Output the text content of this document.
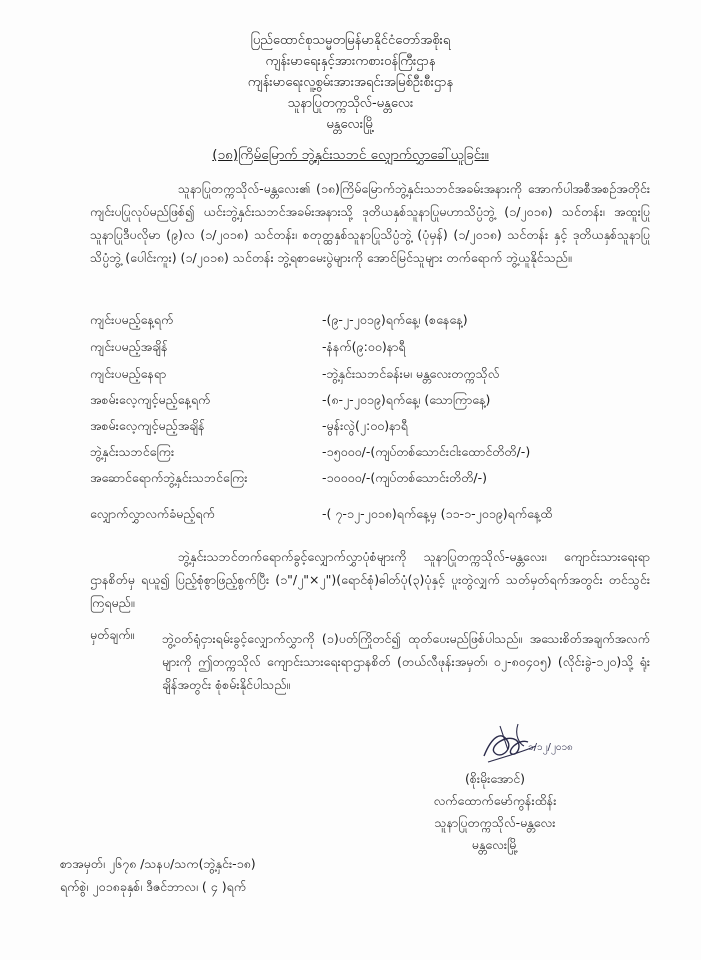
ပြည်ထောင်စုသမ္မတမြန်မာနိုင်ငံတော်အစိုးရ
ကျန်းမာရေးနှင့်အားကစားဝန်ကြီးဌာန
ကျန်းမာရေးလူ့စွမ်းအားအရင်းအမြစ်ဦးစီးဌာန
သူနာပြုတက္ကသိုလ်-မန္တလေး
မန္တလေးမြို့
(၁၈)ကြိမ်မြောက် ဘွဲ့နှင်းသဘင် လျှောက်လွှာခေါ်ယူခြင်း။
သူနာပြုတက္ကသိုလ်-မန္တလေး၏ (၁၈)ကြိမ်မြောက်ဘွဲ့နှင်းသဘင်အခမ်းအနားကို အောက်ပါအစီအစဉ်အတိုင်း ကျင်းပပြုလုပ်မည်ဖြစ်၍ ယင်းဘွဲ့နှင်းသဘင်အခမ်းအနားသို့ ဒုတိယနှစ်သူနာပြုမဟာသိပ္ပံဘွဲ့ (၁/၂၀၁၈) သင်တန်း၊ အထူးပြုသူနာပြုဒီပလိုမာ (၉)လ (၁/၂၀၁၈) သင်တန်း၊ စတုတ္ထနှစ်သူနာပြုသိပ္ပံဘွဲ့ (ပုံမှန်) (၁/၂၀၁၈) သင်တန်း နှင့် ဒုတိယနှစ်သူနာပြုသိပ္ပံဘွဲ့ (ပေါင်းကူး) (၁/၂၀၁၈) သင်တန်း ဘွဲ့ရစာမေးပွဲများကို အောင်မြင်သူများ တက်ရောက် ဘွဲ့ယူနိုင်သည်။
ကျင်းပမည့်နေ့ရက်	-(၉-၂-၂၀၁၉)ရက်နေ့၊ (စနေနေ့)
ကျင်းပမည့်အချိန်	-နံနက်(၉:၀၀)နာရီ
ကျင်းပမည့်နေရာ	-ဘွဲ့နှင်းသဘင်ခန်းမ၊ မန္တလေးတက္ကသိုလ်
အစမ်းလေ့ကျင့်မည့်နေ့ရက်	-(၈-၂-၂၀၁၉)ရက်နေ့၊ (သောကြာနေ့)
အစမ်းလေ့ကျင့်မည့်အချိန်	-မွန်းလွဲ(၂:၀၀)နာရီ
ဘွဲ့နှင်းသဘင်ကြေး	-၁၅၀၀၀/-(ကျပ်တစ်သောင်းငါးထောင်တိတိ/-)
အဆောင်ရောက်ဘွဲ့နှင်းသဘင်ကြေး	-၁၀၀၀၀/-(ကျပ်တစ်သောင်းတိတိ/-)
လျှောက်လွှာလက်ခံမည့်ရက်	-( ၇-၁၂-၂၀၁၈)ရက်နေ့မှ (၁၁-၁-၂၀၁၉)ရက်နေ့ထိ
ဘွဲ့နှင်းသဘင်တက်ရောက်ခွင့်လျှောက်လွှာပုံစံများကို သူနာပြုတက္ကသိုလ်-မန္တလေး၊ ကျောင်းသားရေးရာဌာနစိတ်မှ ရယူ၍ ပြည့်စုံစွာဖြည့်စွက်ပြီး (၁"/၂"×၂")(ရောင်စုံ)ဓါတ်ပုံ(၃)ပုံနှင့် ပူးတွဲလျှက် သတ်မှတ်ရက်အတွင်း တင်သွင်းကြရမည်။
မှတ်ချက်။ ဘွဲ့ဝတ်ရုံငှားရမ်းခွင့်လျှောက်လွှာကို (၁)ပတ်ကြိုတင်၍ ထုတ်ပေးမည်ဖြစ်ပါသည်။ အသေးစိတ်အချက်အလက်များကို ဤတက္ကသိုလ် ကျောင်းသားရေးရာဌာနစိတ် (တယ်လီဖုန်းအမှတ်၊ ၀၂-၈၀၄၀၅) (လိုင်းခွဲ-၁၂၀)သို့ ရုံးချိန်အတွင်း စုံစမ်းနိုင်ပါသည်။
၁/၁၂/၂၀၁၈
(စိုးမိုးအောင်)
လက်ထောက်မော်ကွန်းထိန်း
သူနာပြုတက္ကသိုလ်-မန္တလေး
မန္တလေးမြို့
စာအမှတ်၊ ၂၆၇၈ /သနပ/သက(ဘွဲ့နှင်း-၁၈)
ရက်စွဲ၊ ၂၀၁၈ခုနှစ်၊ ဒီဇင်ဘာလ၊ ( ၄ )ရက်
